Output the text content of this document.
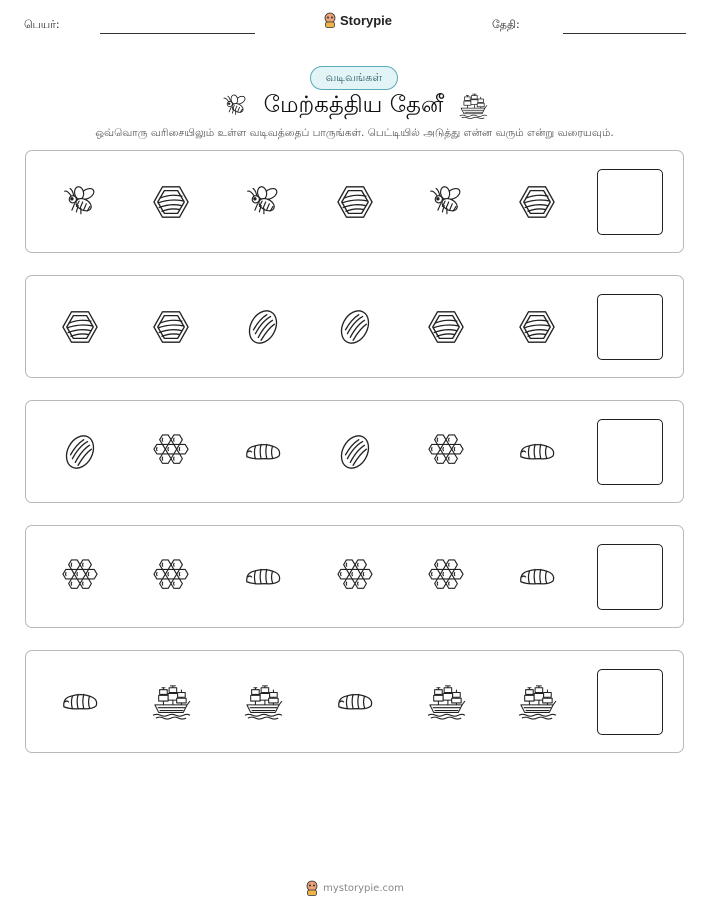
பெயர்:	Storypie	தேதி:
வடிவங்கள்
மேற்கத்திய தேனீ
ஒவ்வொரு வரிசையிலும் உள்ள வடிவத்தைப் பாருங்கள். பெட்டியில் அடுத்து என்ன வரும் என்று வரையவும்.
mystorypie.com
